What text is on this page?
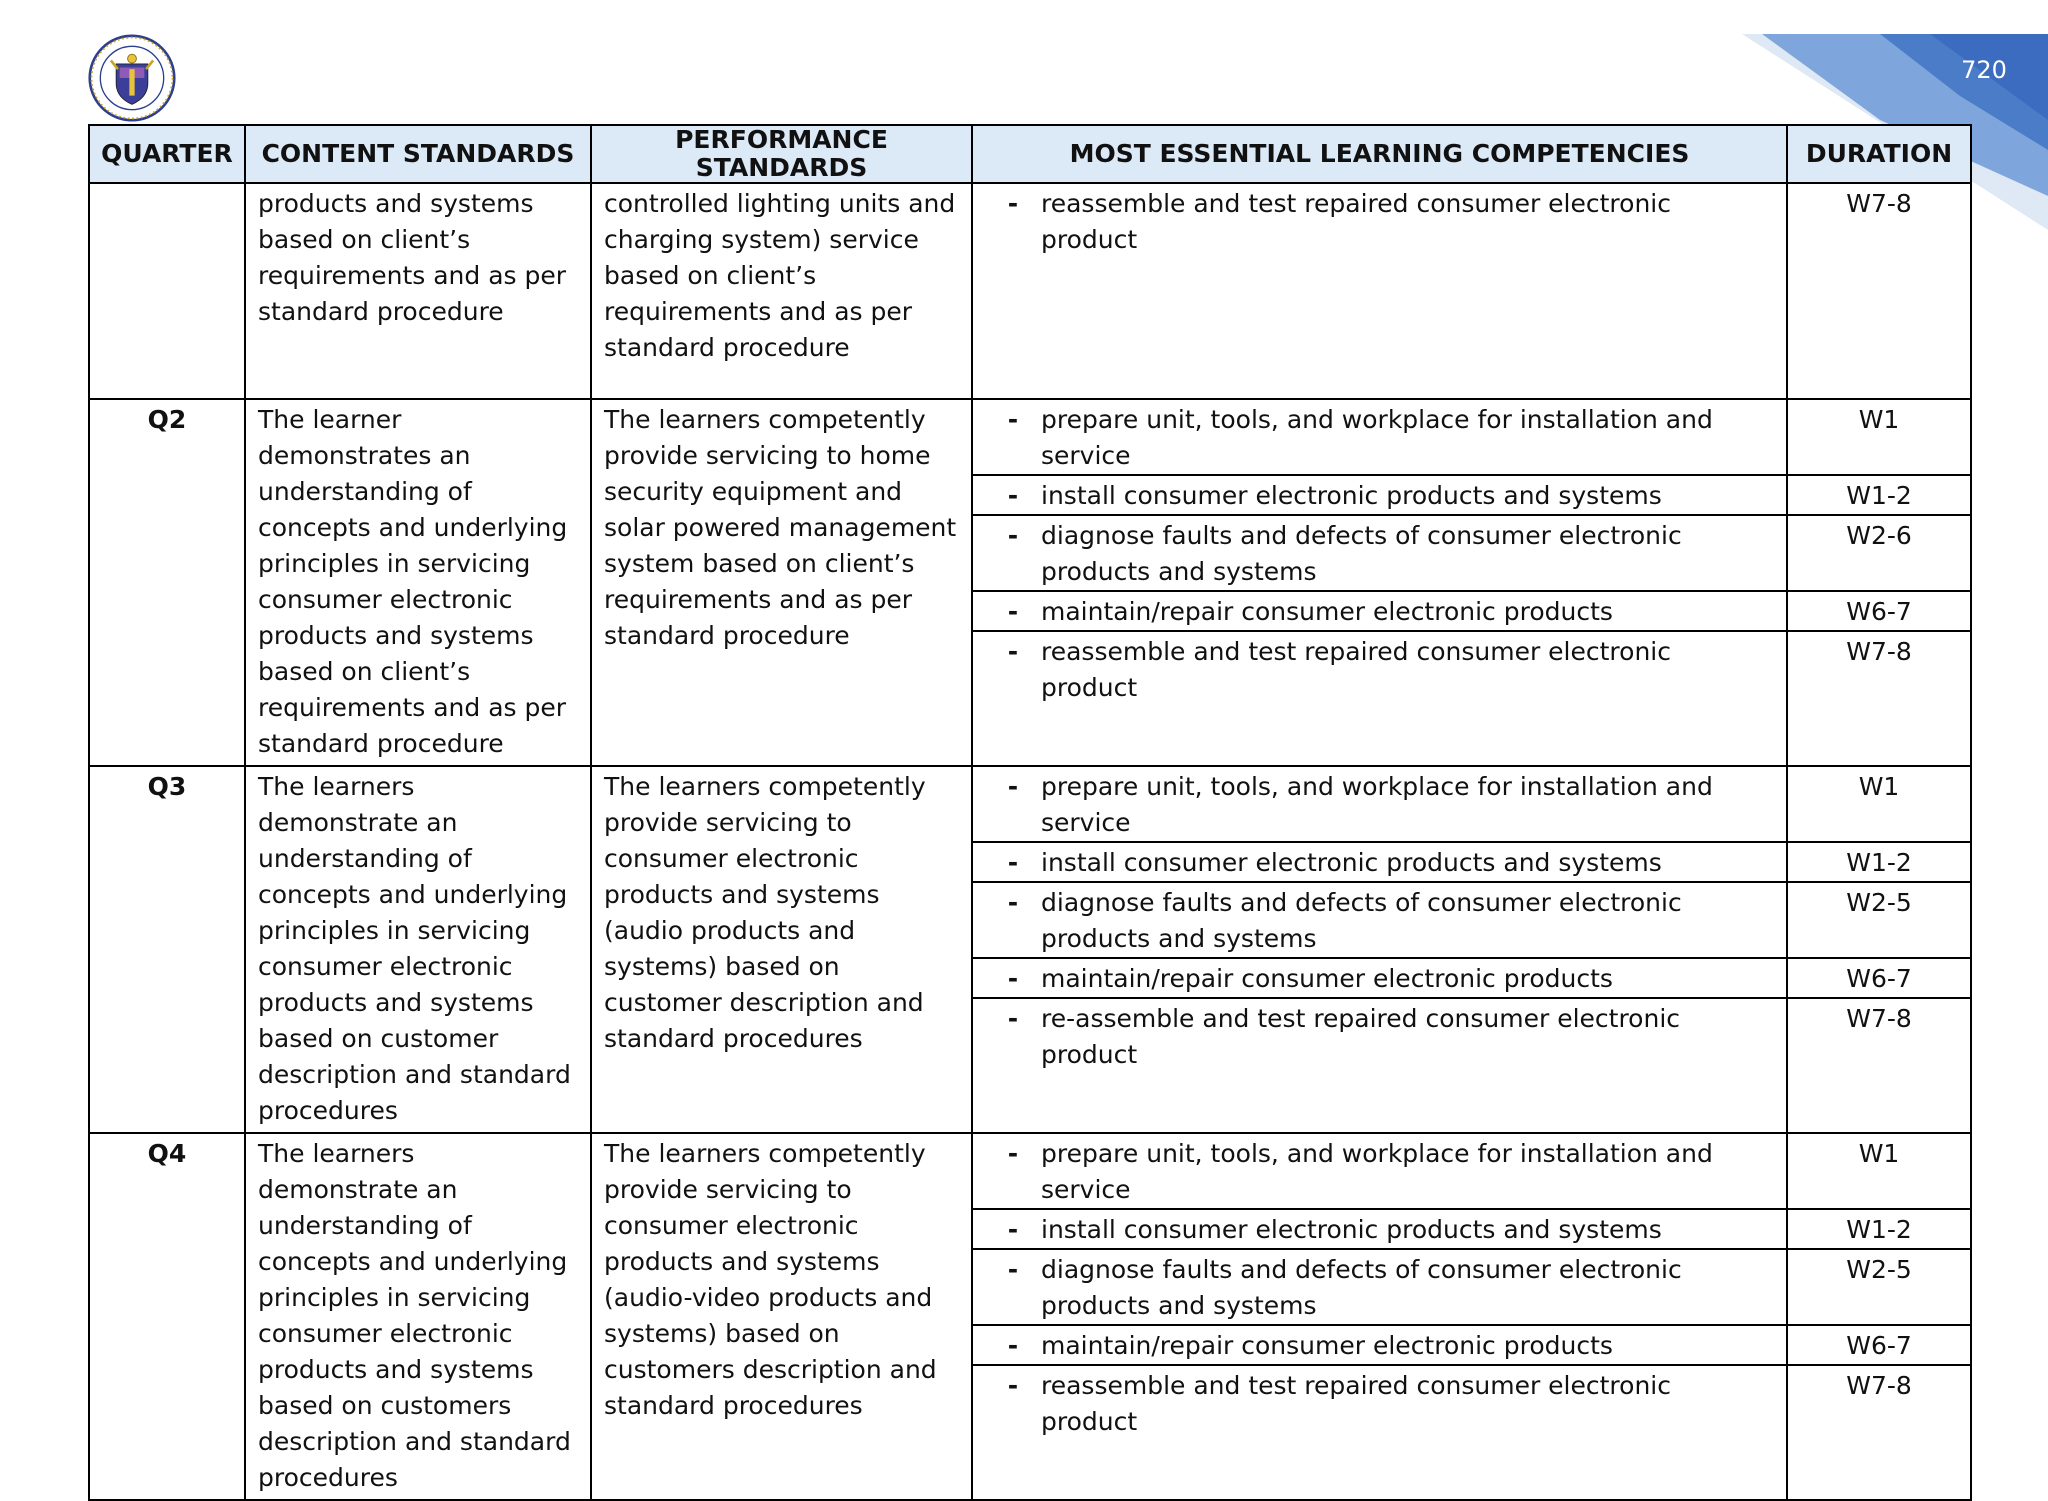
720
QUARTER	CONTENT STANDARDS	PERFORMANCE STANDARDS	MOST ESSENTIAL LEARNING COMPETENCIES	DURATION

	products and systems based on client’s requirements and as per standard procedure	controlled lighting units and charging system) service based on client’s requirements and as per standard procedure	- reassemble and test repaired consumer electronic product	W7-8
Q2	The learner demonstrates an understanding of concepts and underlying principles in servicing consumer electronic products and systems based on client’s requirements and as per standard procedure	The learners competently provide servicing to home security equipment and solar powered management system based on client’s requirements and as per standard procedure	- prepare unit, tools, and workplace for installation and service	W1

			- install consumer electronic products and systems	W1-2

			- diagnose faults and defects of consumer electronic products and systems	W2-6

			- maintain/repair consumer electronic products	W6-7

			- reassemble and test repaired consumer electronic product	W7-8
Q3	The learners demonstrate an understanding of concepts and underlying principles in servicing consumer electronic products and systems based on customer description and standard procedures	The learners competently provide servicing to consumer electronic products and systems (audio products and systems) based on customer description and standard procedures	- prepare unit, tools, and workplace for installation and service	W1

			- install consumer electronic products and systems	W1-2

			- diagnose faults and defects of consumer electronic products and systems	W2-5

			- maintain/repair consumer electronic products	W6-7

			- re-assemble and test repaired consumer electronic product	W7-8
Q4	The learners demonstrate an understanding of concepts and underlying principles in servicing consumer electronic products and systems based on customers description and standard procedures	The learners competently provide servicing to consumer electronic products and systems (audio-video products and systems) based on customers description and standard procedures	- prepare unit, tools, and workplace for installation and service	W1

			- install consumer electronic products and systems	W1-2

			- diagnose faults and defects of consumer electronic products and systems	W2-5

			- maintain/repair consumer electronic products	W6-7

			- reassemble and test repaired consumer electronic product	W7-8
